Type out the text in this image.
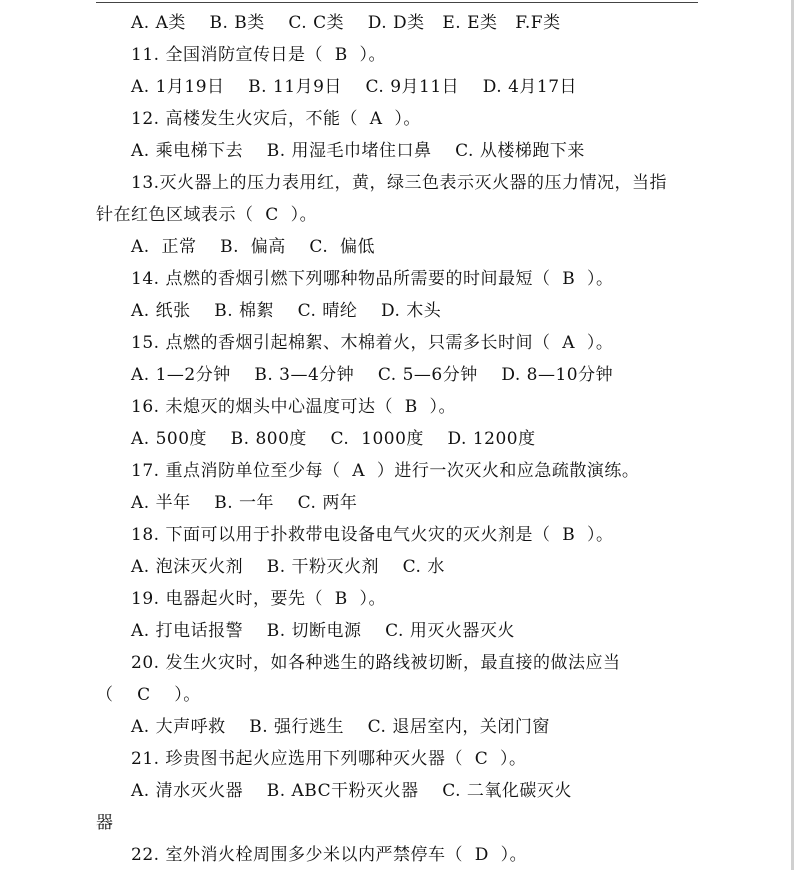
A. A类    B. B类    C. C类    D. D类   E. E类   F.F类
11. 全国消防宣传日是（  B  ）。
A. 1月19日    B. 11月9日    C. 9月11日    D. 4月17日
12. 高楼发生火灾后，不能（  A  ）。
A. 乘电梯下去    B. 用湿毛巾堵住口鼻    C. 从楼梯跑下来
13.灭火器上的压力表用红，黄，绿三色表示灭火器的压力情况，当指
针在红色区域表示（  C  ）。
A.  正常    B.  偏高    C.  偏低
14. 点燃的香烟引燃下列哪种物品所需要的时间最短（  B  ）。
A. 纸张    B. 棉絮    C. 晴纶    D. 木头
15. 点燃的香烟引起棉絮、木棉着火，只需多长时间（  A  ）。
A. 1—2分钟    B. 3—4分钟    C. 5—6分钟    D. 8—10分钟
16. 未熄灭的烟头中心温度可达（  B  ）。
A. 500度    B. 800度    C.  1000度    D. 1200度
17. 重点消防单位至少每（  A  ）进行一次灭火和应急疏散演练。
A. 半年    B. 一年    C. 两年
18. 下面可以用于扑救带电设备电气火灾的灭火剂是（  B  ）。
A. 泡沫灭火剂    B. 干粉灭火剂    C. 水
19. 电器起火时，要先（  B  ）。
A. 打电话报警    B. 切断电源    C. 用灭火器灭火
20. 发生火灾时，如各种逃生的路线被切断，最直接的做法应当
（    C    ）。
A. 大声呼救    B. 强行逃生    C. 退居室内，关闭门窗
21. 珍贵图书起火应选用下列哪种灭火器（  C  ）。
A. 清水灭火器    B. ABC干粉灭火器    C. 二氧化碳灭火
器
22. 室外消火栓周围多少米以内严禁停车（  D  ）。
